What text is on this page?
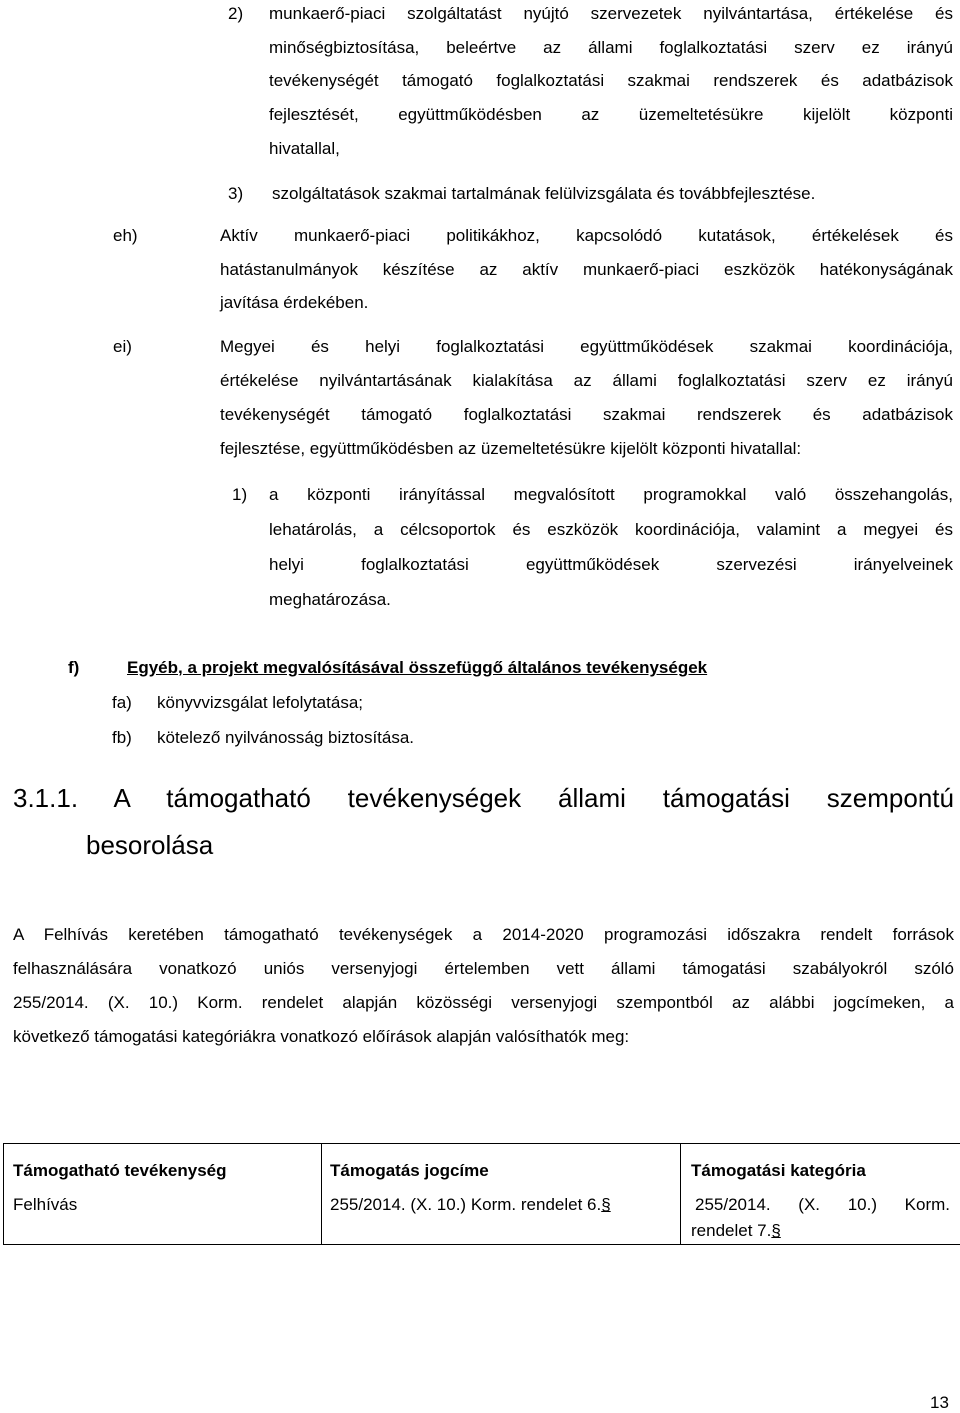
2) munkaerő-piaci szolgáltatást nyújtó szervezetek nyilvántartása, értékelése és
minőségbiztosítása, beleértve az állami foglalkoztatási szerv ez irányú
tevékenységét támogató foglalkoztatási szakmai rendszerek és adatbázisok
fejlesztését, együttműködésben az üzemeltetésükre kijelölt központi
hivatallal,
3) szolgáltatások szakmai tartalmának felülvizsgálata és továbbfejlesztése.
eh)	Aktív munkaerő-piaci politikákhoz, kapcsolódó kutatások, értékelések és
hatástanulmányok készítése az aktív munkaerő-piaci eszközök hatékonyságának
javítása érdekében.
ei)	Megyei és helyi foglalkoztatási együttműködések szakmai koordinációja,
értékelése nyilvántartásának kialakítása az állami foglalkoztatási szerv ez irányú
tevékenységét támogató foglalkoztatási szakmai rendszerek és adatbázisok
fejlesztése, együttműködésben az üzemeltetésükre kijelölt központi hivatallal:
1) a központi irányítással megvalósított programokkal való összehangolás,
lehatárolás, a célcsoportok és eszközök koordinációja, valamint a megyei és
helyi foglalkoztatási együttműködések szervezési irányelveinek
meghatározása.
f)	Egyéb, a projekt megvalósításával összefüggő általános tevékenységek
fa) könyvvizsgálat lefolytatása;
fb) kötelező nyilvánosság biztosítása.
3.1.1. A támogatható tevékenységek állami támogatási szempontú
besorolása
A Felhívás keretében támogatható tevékenységek a 2014-2020 programozási időszakra rendelt források
felhasználására vonatkozó uniós versenyjogi értelemben vett állami támogatási szabályokról szóló
255/2014. (X. 10.) Korm. rendelet alapján közösségi versenyjogi szempontból az alábbi jogcímeken, a
következő támogatási kategóriákra vonatkozó előírások alapján valósíthatók meg:
Támogatható tevékenység	Támogatás jogcíme	Támogatási kategória
Felhívás	255/2014. (X. 10.) Korm. rendelet 6.§	255/2014. (X. 10.) Korm.
rendelet 7.§
13
